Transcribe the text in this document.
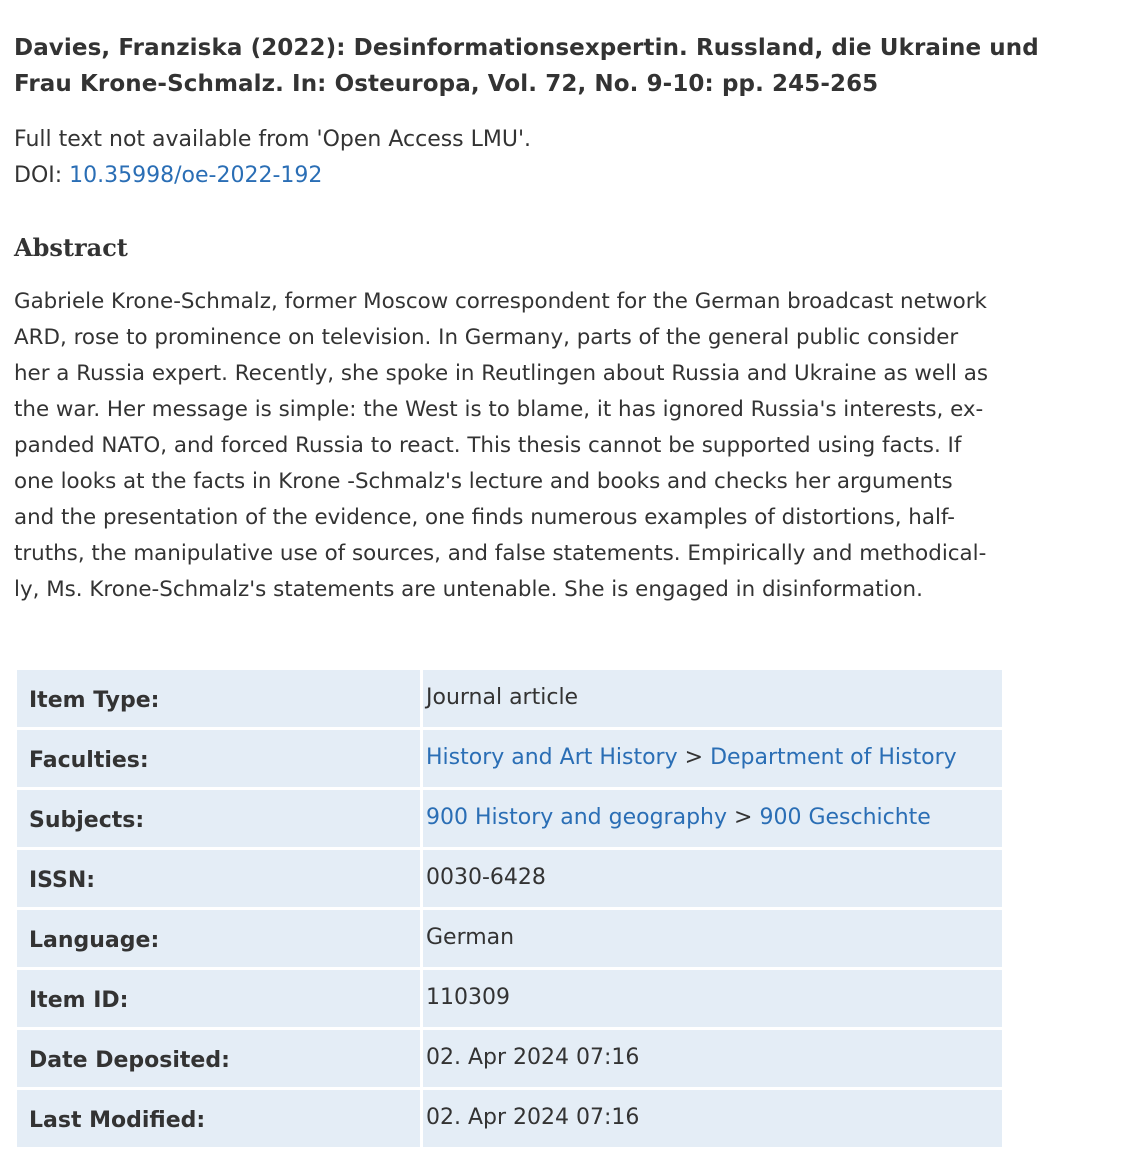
Davies, Franziska (2022): Desinformationsexpertin. Russland, die Ukraine und
Frau Krone-Schmalz. In: Osteuropa, Vol. 72, No. 9-10: pp. 245-265
Full text not available from 'Open Access LMU'.
DOI: 10.35998/oe-2022-192
Abstract
Gabriele Krone-Schmalz, former Moscow correspondent for the German broadcast network
ARD, rose to prominence on television. In Germany, parts of the general public consider
her a Russia expert. Recently, she spoke in Reutlingen about Russia and Ukraine as well as
the war. Her message is simple: the West is to blame, it has ignored Russia's interests, ex-
panded NATO, and forced Russia to react. This thesis cannot be supported using facts. If
one looks at the facts in Krone -Schmalz's lecture and books and checks her arguments
and the presentation of the evidence, one finds numerous examples of distortions, half-
truths, the manipulative use of sources, and false statements. Empirically and methodical-
ly, Ms. Krone-Schmalz's statements are untenable. She is engaged in disinformation.
Item Type:	Journal article

Faculties:	History and Art History > Department of History

Subjects:	900 History and geography > 900 Geschichte

ISSN:	0030-6428

Language:	German

Item ID:	110309

Date Deposited:	02. Apr 2024 07:16

Last Modified:	02. Apr 2024 07:16
